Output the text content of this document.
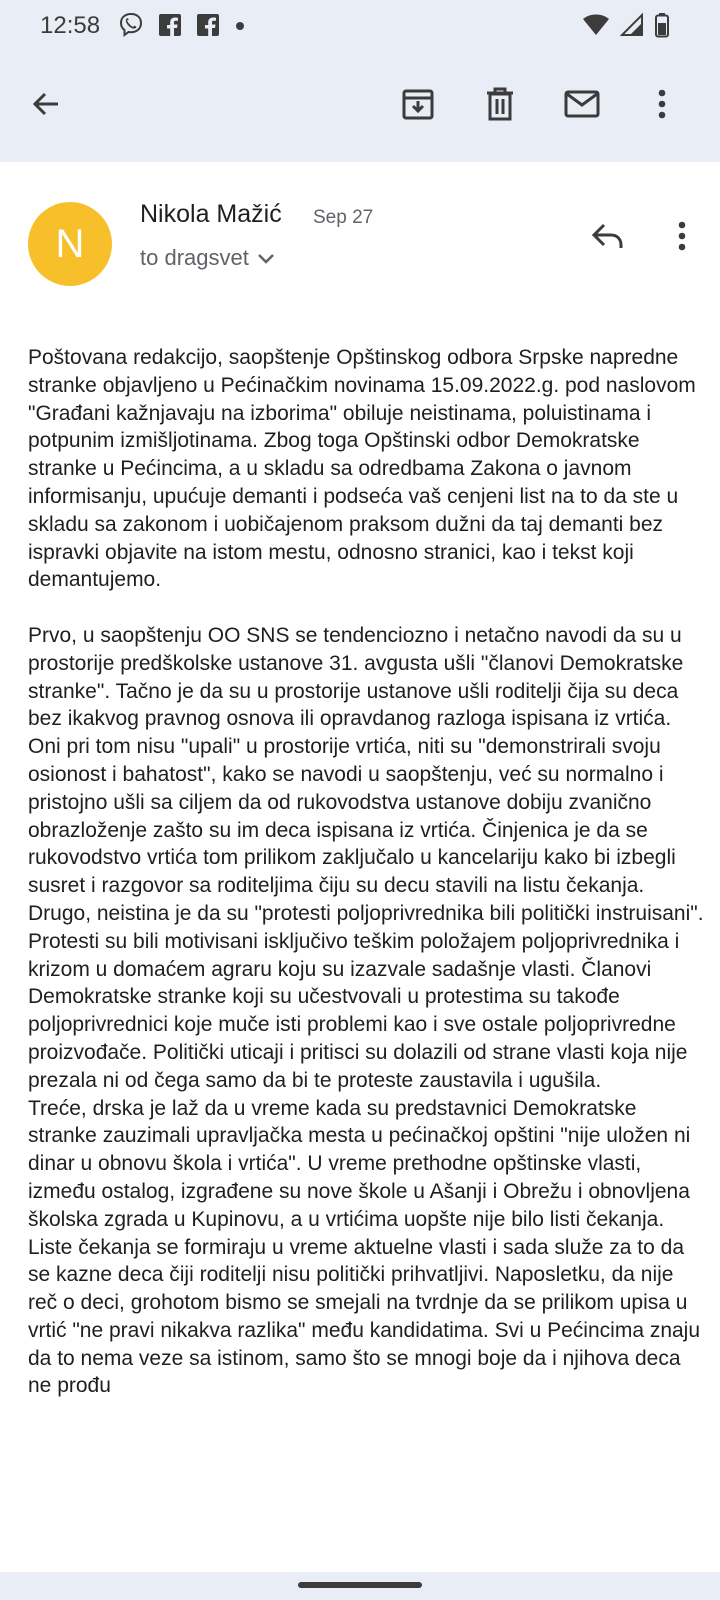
12:58
N
Nikola Mažić Sep 27
to dragsvet
Poštovana redakcijo, saopštenje Opštinskog odbora Srpske napredne stranke objavljeno u Pećinačkim novinama 15.09.2022.g. pod naslovom "Građani kažnjavaju na izborima" obiluje neistinama, poluistinama i potpunim izmišljotinama. Zbog toga Opštinski odbor Demokratske stranke u Pećincima, a u skladu sa odredbama Zakona o javnom informisanju, upućuje demanti i podseća vaš cenjeni list na to da ste u skladu sa zakonom i uobičajenom praksom dužni da taj demanti bez ispravki objavite na istom mestu, odnosno stranici, kao i tekst koji demantujemo.

Prvo, u saopštenju OO SNS se tendenciozno i netačno navodi da su u prostorije predškolske ustanove 31. avgusta ušli "članovi Demokratske stranke". Tačno je da su u prostorije ustanove ušli roditelji čija su deca bez ikakvog pravnog osnova ili opravdanog razloga ispisana iz vrtića. Oni pri tom nisu "upali" u prostorije vrtića, niti su "demonstrirali svoju osionost i bahatost", kako se navodi u saopštenju, već su normalno i pristojno ušli sa ciljem da od rukovodstva ustanove dobiju zvanično obrazloženje zašto su im deca ispisana iz vrtića. Činjenica je da se rukovodstvo vrtića tom prilikom zaključalo u kancelariju kako bi izbegli susret i razgovor sa roditeljima čiju su decu stavili na listu čekanja.
Drugo, neistina je da su "protesti poljoprivrednika bili politički instruisani". Protesti su bili motivisani isključivo teškim položajem poljoprivrednika i krizom u domaćem agraru koju su izazvale sadašnje vlasti. Članovi Demokratske stranke koji su učestvovali u protestima su takođe poljoprivrednici koje muče isti problemi kao i sve ostale poljoprivredne proizvođače. Politički uticaji i pritisci su dolazili od strane vlasti koja nije prezala ni od čega samo da bi te proteste zaustavila i ugušila.
Treće, drska je laž da u vreme kada su predstavnici Demokratske stranke zauzimali upravljačka mesta u pećinačkoj opštini "nije uložen ni dinar u obnovu škola i vrtića". U vreme prethodne opštinske vlasti, između ostalog, izgrađene su nove škole u Ašanji i Obrežu i obnovljena školska zgrada u Kupinovu, a u vrtićima uopšte nije bilo listi čekanja. Liste čekanja se formiraju u vreme aktuelne vlasti i sada služe za to da se kazne deca čiji roditelji nisu politički prihvatljivi. Naposletku, da nije reč o deci, grohotom bismo se smejali na tvrdnje da se prilikom upisa u vrtić "ne pravi nikakva razlika" među kandidatima. Svi u Pećincima znaju da to nema veze sa istinom, samo što se mnogi boje da i njihova deca ne prođu
